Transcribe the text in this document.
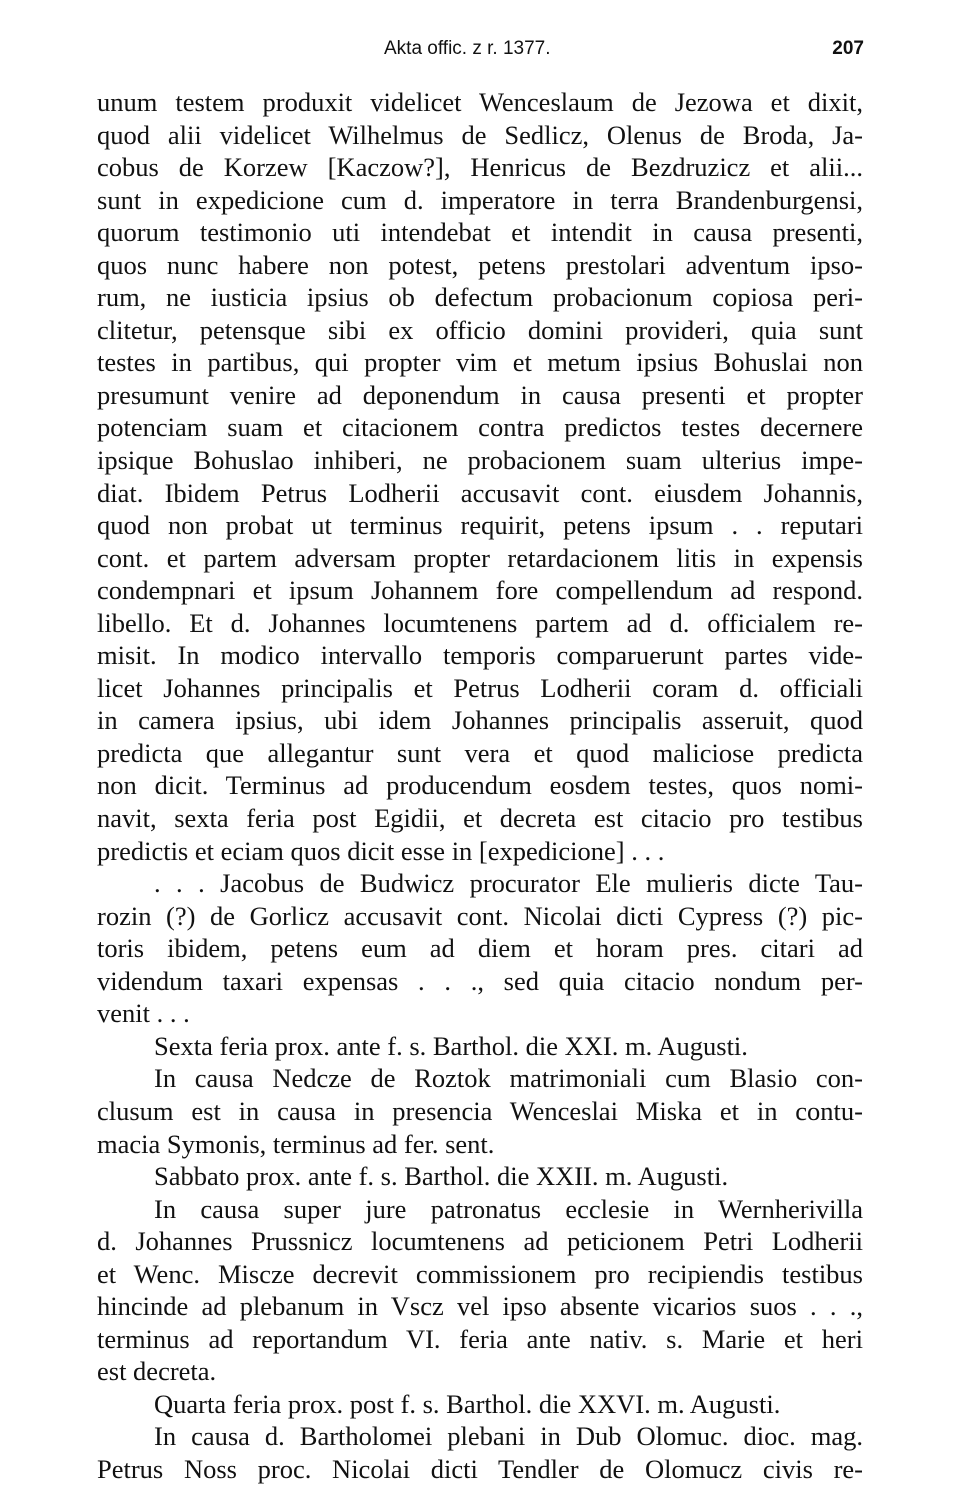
Akta offic. z r. 1377.	207
unum testem produxit videlicet Wenceslaum de Jezowa et dixit,
quod alii videlicet Wilhelmus de Sedlicz, Olenus de Broda, Ja-
cobus de Korzew [Kaczow?], Henricus de Bezdruzicz et alii...
sunt in expedicione cum d. imperatore in terra Brandenburgensi,
quorum testimonio uti intendebat et intendit in causa presenti,
quos nunc habere non potest, petens prestolari adventum ipso-
rum, ne iusticia ipsius ob defectum probacionum copiosa peri-
clitetur, petensque sibi ex officio domini provideri, quia sunt
testes in partibus, qui propter vim et metum ipsius Bohuslai non
presumunt venire ad deponendum in causa presenti et propter
potenciam suam et citacionem contra predictos testes decernere
ipsique Bohuslao inhiberi, ne probacionem suam ulterius impe-
diat. Ibidem Petrus Lodherii accusavit cont. eiusdem Johannis,
quod non probat ut terminus requirit, petens ipsum . . reputari
cont. et partem adversam propter retardacionem litis in expensis
condempnari et ipsum Johannem fore compellendum ad respond.
libello. Et d. Johannes locumtenens partem ad d. officialem re-
misit. In modico intervallo temporis comparuerunt partes vide-
licet Johannes principalis et Petrus Lodherii coram d. officiali
in camera ipsius, ubi idem Johannes principalis asseruit, quod
predicta que allegantur sunt vera et quod maliciose predicta
non dicit. Terminus ad producendum eosdem testes, quos nomi-
navit, sexta feria post Egidii, et decreta est citacio pro testibus
predictis et eciam quos dicit esse in [expedicione] . . .
. . . Jacobus de Budwicz procurator Ele mulieris dicte Tau-
rozin (?) de Gorlicz accusavit cont. Nicolai dicti Cypress (?) pic-
toris ibidem, petens eum ad diem et horam pres. citari ad
videndum taxari expensas . . ., sed quia citacio nondum per-
venit . . .
Sexta feria prox. ante f. s. Barthol. die XXI. m. Augusti.
In causa Nedcze de Roztok matrimoniali cum Blasio con-
clusum est in causa in presencia Wenceslai Miska et in contu-
macia Symonis, terminus ad fer. sent.
Sabbato prox. ante f. s. Barthol. die XXII. m. Augusti.
In causa super jure patronatus ecclesie in Wernherivilla
d. Johannes Prussnicz locumtenens ad peticionem Petri Lodherii
et Wenc. Miscze decrevit commissionem pro recipiendis testibus
hincinde ad plebanum in Vscz vel ipso absente vicarios suos . . .,
terminus ad reportandum VI. feria ante nativ. s. Marie et heri
est decreta.
Quarta feria prox. post f. s. Barthol. die XXVI. m. Augusti.
In causa d. Bartholomei plebani in Dub Olomuc. dioc. mag.
Petrus Noss proc. Nicolai dicti Tendler de Olomucz civis re-
